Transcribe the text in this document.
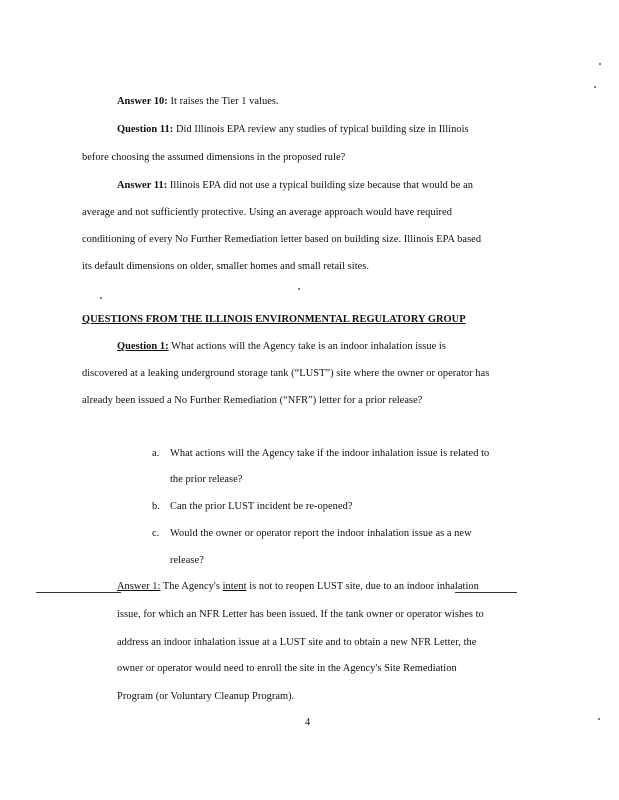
Answer 10: It raises the Tier 1 values.
Question 11: Did Illinois EPA review any studies of typical building size in Illinois
before choosing the assumed dimensions in the proposed rule?
Answer 11: Illinois EPA did not use a typical building size because that would be an
average and not sufficiently protective. Using an average approach would have required
conditioning of every No Further Remediation letter based on building size. Illinois EPA based
its default dimensions on older, smaller homes and small retail sites.
QUESTIONS FROM THE ILLINOIS ENVIRONMENTAL REGULATORY GROUP
Question 1: What actions will the Agency take is an indoor inhalation issue is
discovered at a leaking underground storage tank (“LUST”) site where the owner or operator has
already been issued a No Further Remediation (“NFR”) letter for a prior release?
a. What actions will the Agency take if the indoor inhalation issue is related to
the prior release?
b. Can the prior LUST incident be re-opened?
c. Would the owner or operator report the indoor inhalation issue as a new
release?
Answer 1: The Agency's intent is not to reopen LUST site, due to an indoor inhalation
issue, for which an NFR Letter has been issued. If the tank owner or operator wishes to
address an indoor inhalation issue at a LUST site and to obtain a new NFR Letter, the
owner or operator would need to enroll the site in the Agency's Site Remediation
Program (or Voluntary Cleanup Program).
4
